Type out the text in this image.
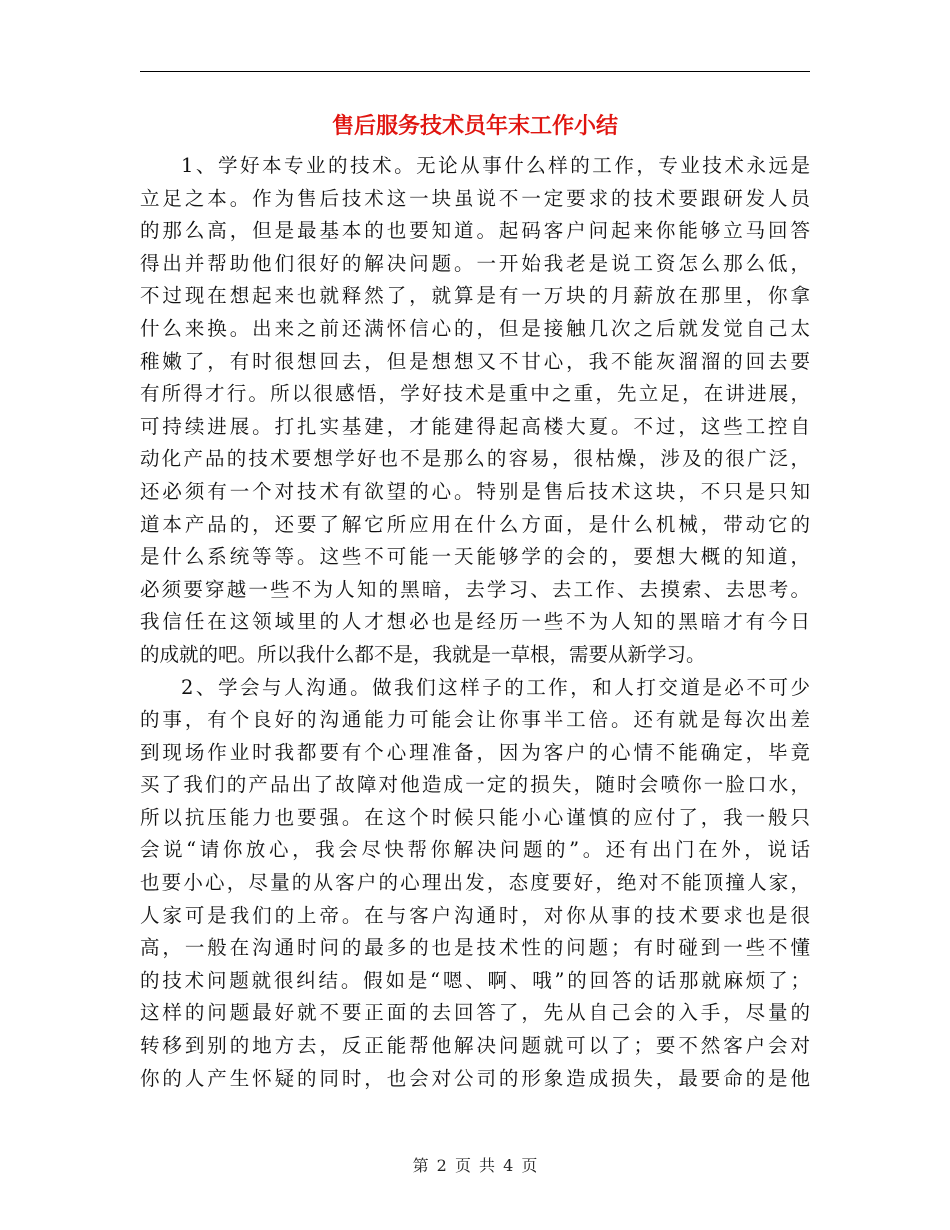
售后服务技术员年末工作小结
1、学好本专业的技术。无论从事什么样的工作，专业技术永远是
立足之本。作为售后技术这一块虽说不一定要求的技术要跟研发人员
的那么高，但是最基本的也要知道。起码客户问起来你能够立马回答
得出并帮助他们很好的解决问题。一开始我老是说工资怎么那么低，
不过现在想起来也就释然了，就算是有一万块的月薪放在那里，你拿
什么来换。出来之前还满怀信心的，但是接触几次之后就发觉自己太
稚嫩了，有时很想回去，但是想想又不甘心，我不能灰溜溜的回去要
有所得才行。所以很感悟，学好技术是重中之重，先立足，在讲进展，
可持续进展。打扎实基建，才能建得起高楼大夏。不过，这些工控自
动化产品的技术要想学好也不是那么的容易，很枯燥，涉及的很广泛，
还必须有一个对技术有欲望的心。特别是售后技术这块，不只是只知
道本产品的，还要了解它所应用在什么方面，是什么机械，带动它的
是什么系统等等。这些不可能一天能够学的会的，要想大概的知道，
必须要穿越一些不为人知的黑暗，去学习、去工作、去摸索、去思考。
我信任在这领域里的人才想必也是经历一些不为人知的黑暗才有今日
的成就的吧。所以我什么都不是，我就是一草根，需要从新学习。
2、学会与人沟通。做我们这样子的工作，和人打交道是必不可少
的事，有个良好的沟通能力可能会让你事半工倍。还有就是每次出差
到现场作业时我都要有个心理准备，因为客户的心情不能确定，毕竟
买了我们的产品出了故障对他造成一定的损失，随时会喷你一脸口水，
所以抗压能力也要强。在这个时候只能小心谨慎的应付了，我一般只
会说“请你放心，我会尽快帮你解决问题的”。还有出门在外，说话
也要小心，尽量的从客户的心理出发，态度要好，绝对不能顶撞人家，
人家可是我们的上帝。在与客户沟通时，对你从事的技术要求也是很
高，一般在沟通时问的最多的也是技术性的问题；有时碰到一些不懂
的技术问题就很纠结。假如是“嗯、啊、哦”的回答的话那就麻烦了；
这样的问题最好就不要正面的去回答了，先从自己会的入手，尽量的
转移到别的地方去，反正能帮他解决问题就可以了；要不然客户会对
你的人产生怀疑的同时，也会对公司的形象造成损失，最要命的是他
第 2 页 共 4 页
